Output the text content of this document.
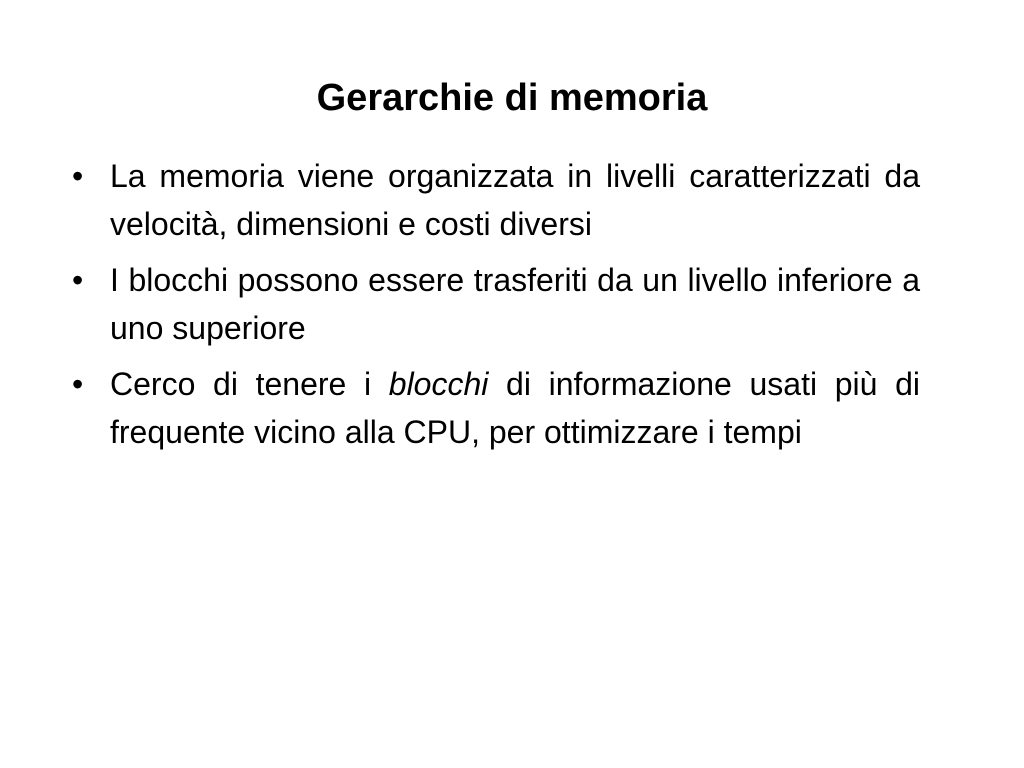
Gerarchie di memoria
• La memoria viene organizzata in livelli caratterizzati da velocità, dimensioni e costi diversi
• I blocchi possono essere trasferiti da un livello inferiore a uno superiore
• Cerco di tenere i blocchi di informazione usati più di frequente vicino alla CPU, per ottimizzare i tempi
